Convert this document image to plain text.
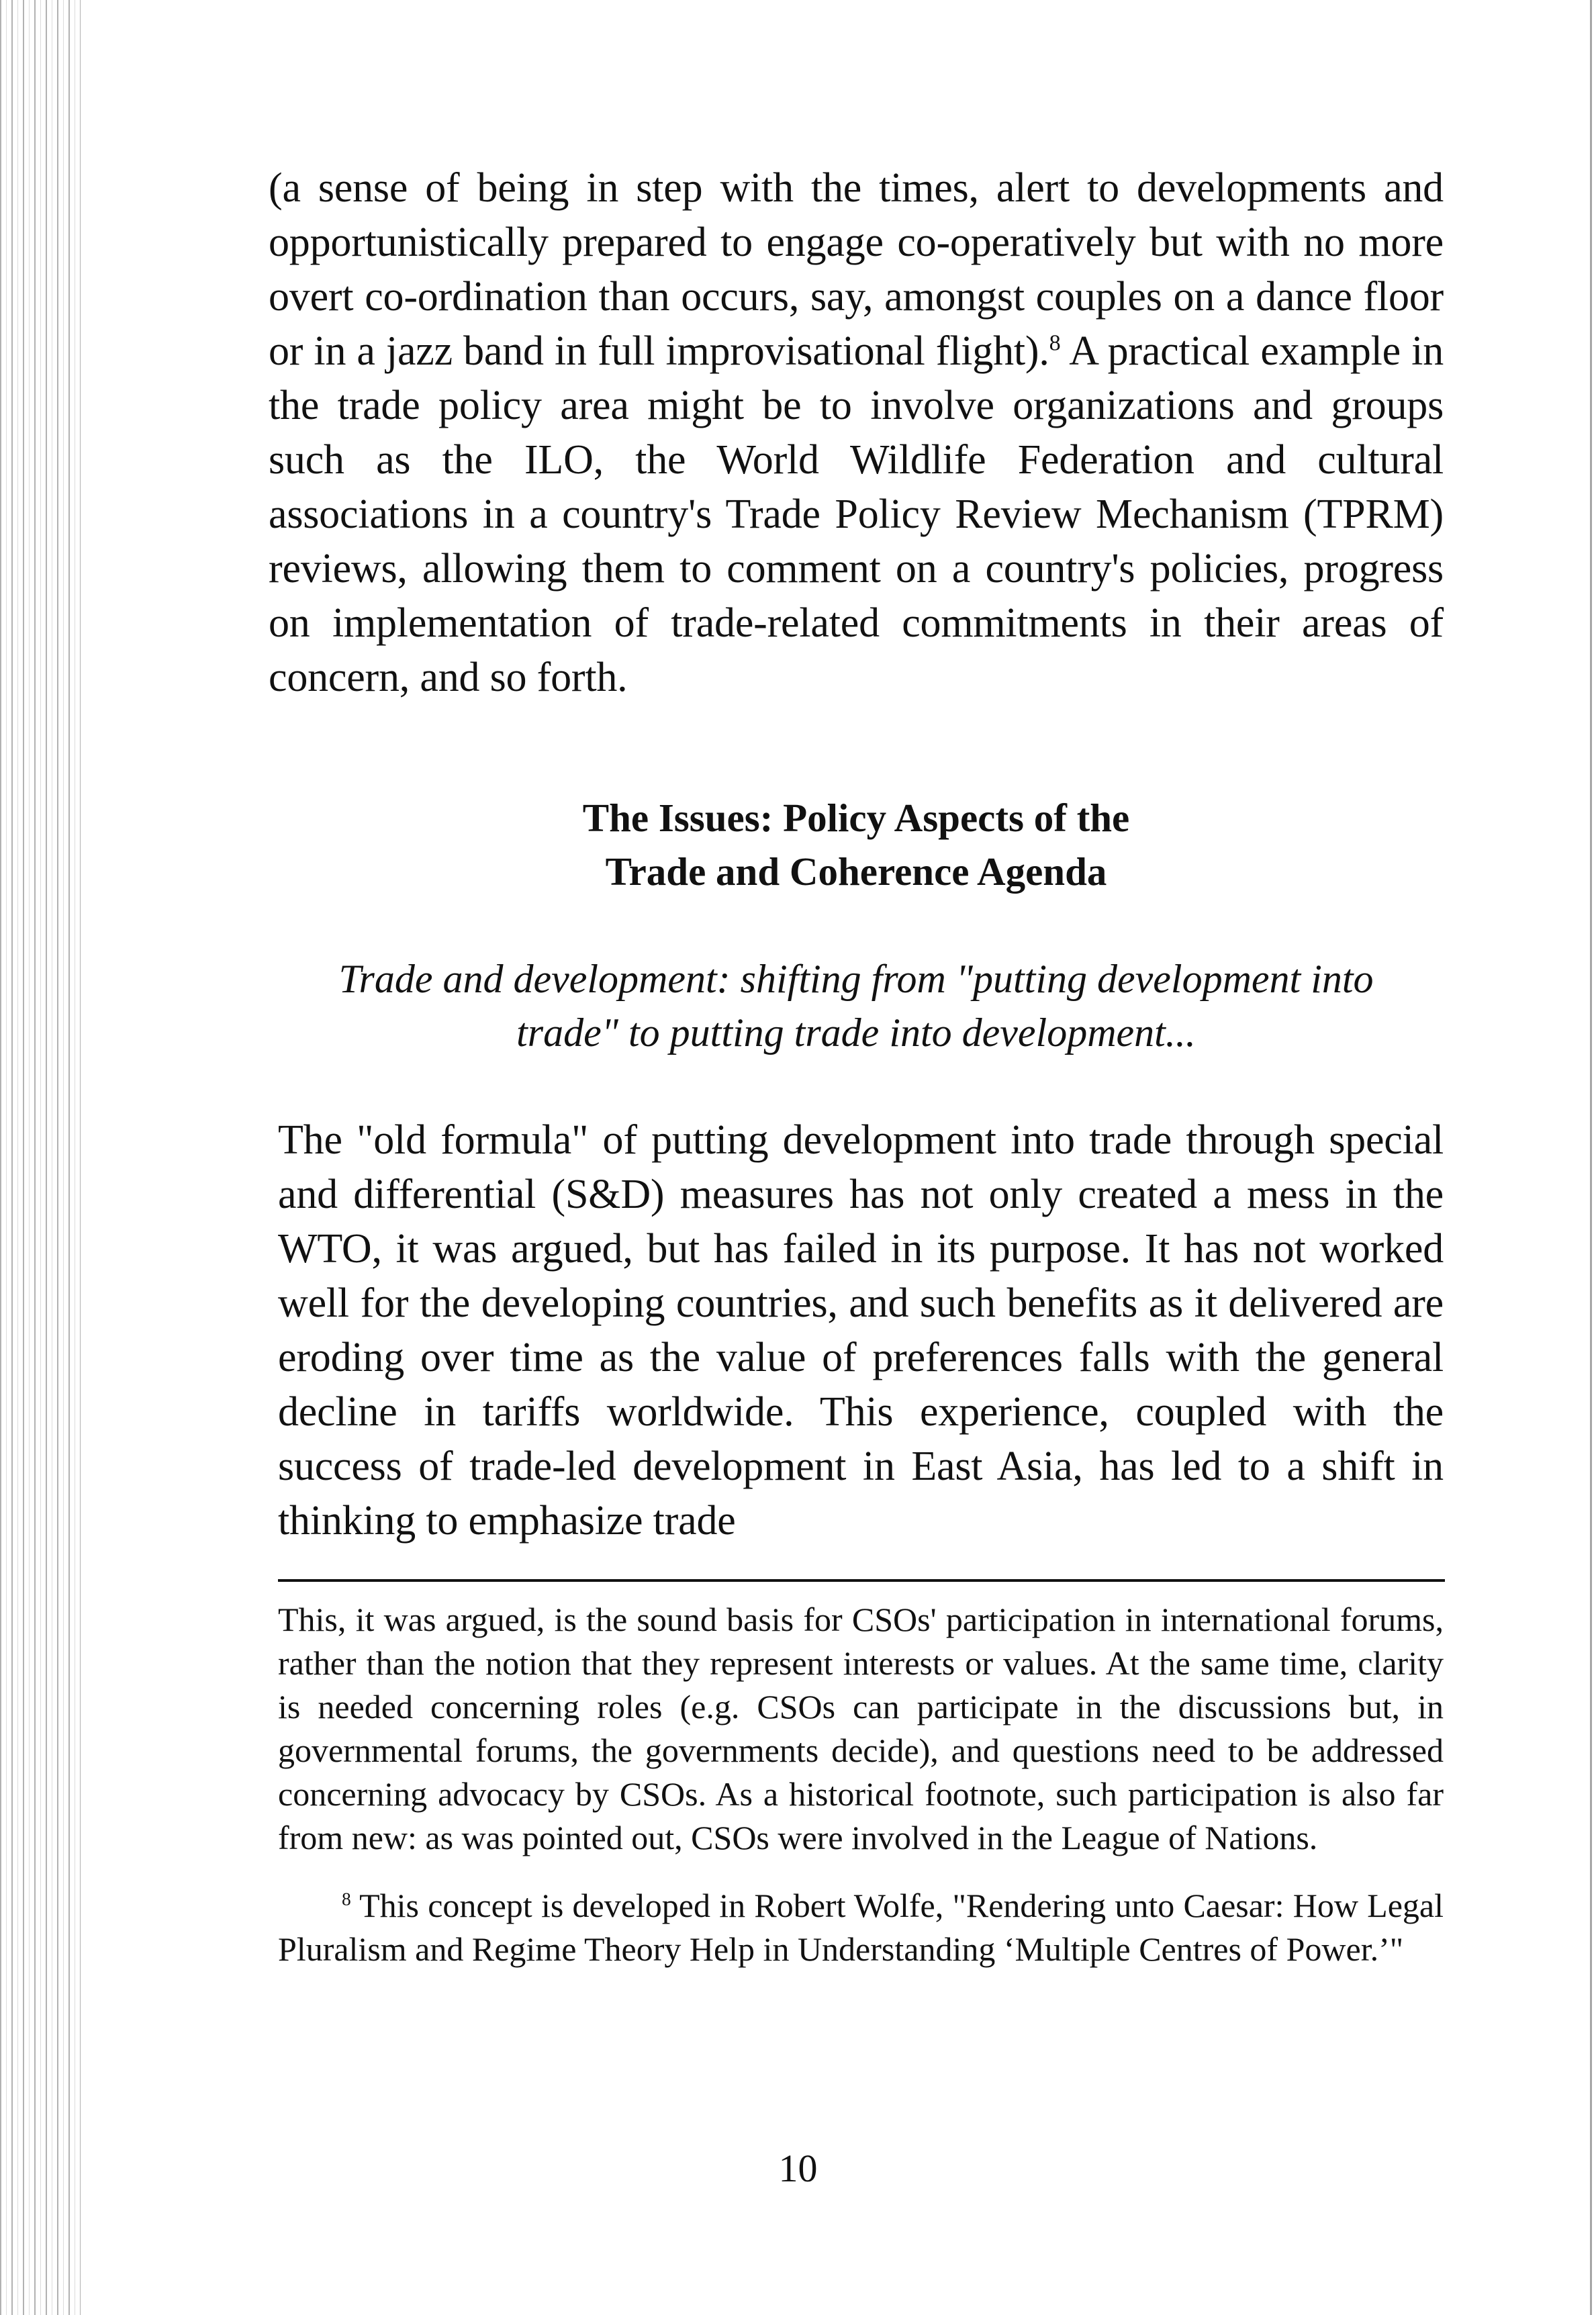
(a sense of being in step with the times, alert to developments and opportunistically prepared to engage co-operatively but with no more overt co-ordination than occurs, say, amongst couples on a dance floor or in a jazz band in full improvisational flight).$^8$ A practical example in the trade policy area might be to involve organizations and groups such as the ILO, the World Wildlife Federation and cultural associations in a country's Trade Policy Review Mechanism (TPRM) reviews, allowing them to comment on a country's policies, progress on implementation of trade-related commitments in their areas of concern, and so forth.

The Issues: Policy Aspects of the

Trade and Coherence Agenda

Trade and development: shifting from "putting development into

trade" to putting trade into development...

The "old formula" of putting development into trade through special and differential (S&D) measures has not only created a mess in the WTO, it was argued, but has failed in its purpose. It has not worked well for the developing countries, and such benefits as it delivered are eroding over time as the value of preferences falls with the general decline in tariffs worldwide. This experience, coupled with the success of trade-led development in East Asia, has led to a shift in thinking to emphasize trade

This, it was argued, is the sound basis for CSOs' participation in international forums, rather than the notion that they represent interests or values. At the same time, clarity is needed concerning roles (e.g. CSOs can participate in the discussions but, in governmental forums, the governments decide), and questions need to be addressed concerning advocacy by CSOs. As a historical footnote, such participation is also far from new: as was pointed out, CSOs were involved in the League of Nations.

$^8$ This concept is developed in Robert Wolfe, "Rendering unto Caesar: How Legal Pluralism and Regime Theory Help in Understanding ‘Multiple Centres of Power.’"

10
